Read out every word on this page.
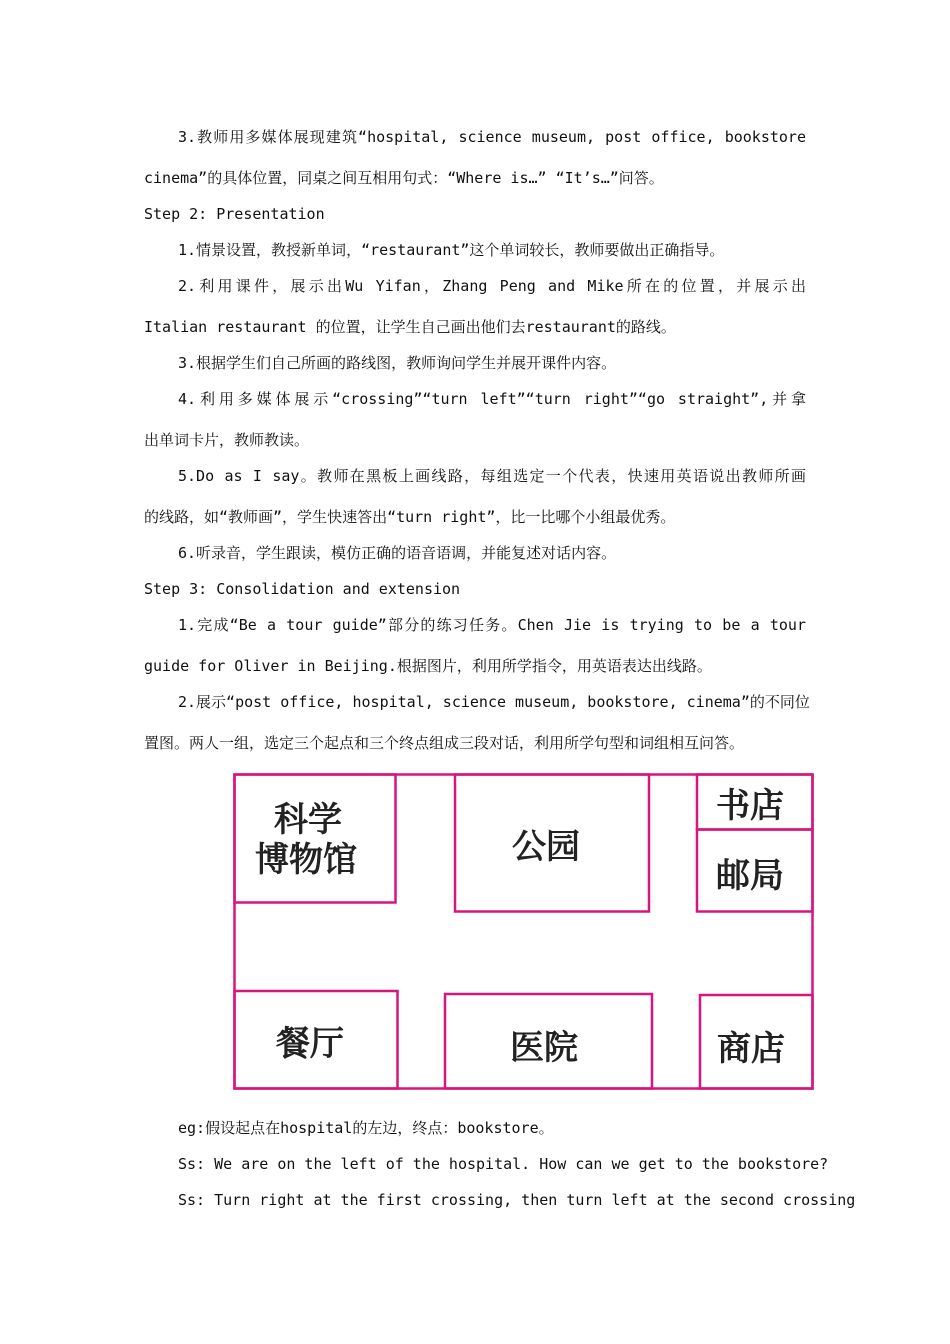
3.教师用多媒体展现建筑“hospital, science museum, post office, bookstore
cinema”的具体位置，同桌之间互相用句式：“Where is…” “It’s…”问答。
Step 2: Presentation
1.情景设置，教授新单词，“restaurant”这个单词较长，教师要做出正确指导。
2.利用课件，展示出Wu Yifan，Zhang Peng and Mike所在的位置，并展示出
Italian restaurant 的位置，让学生自己画出他们去restaurant的路线。
3.根据学生们自己所画的路线图，教师询问学生并展开课件内容。
4.利用多媒体展示“crossing”“turn left”“turn right”“go straight”,并拿
出单词卡片，教师教读。
5.Do as I say。教师在黑板上画线路，每组选定一个代表，快速用英语说出教师所画
的线路，如“教师画”，学生快速答出“turn right”，比一比哪个小组最优秀。
6.听录音，学生跟读，模仿正确的语音语调，并能复述对话内容。
Step 3: Consolidation and extension
1.完成“Be a tour guide”部分的练习任务。Chen Jie is trying to be a tour
guide for Oliver in Beijing.根据图片，利用所学指令，用英语表达出线路。
2.展示“post office, hospital, science museum, bookstore, cinema”的不同位
置图。两人一组，选定三个起点和三个终点组成三段对话，利用所学句型和词组相互问答。
科学
博物馆	公园
书店
邮局
餐厅	医院	商店
eg:假设起点在hospital的左边，终点：bookstore。
Ss: We are on the left of the hospital. How can we get to the bookstore?
Ss: Turn right at the first crossing, then turn left at the second crossing
